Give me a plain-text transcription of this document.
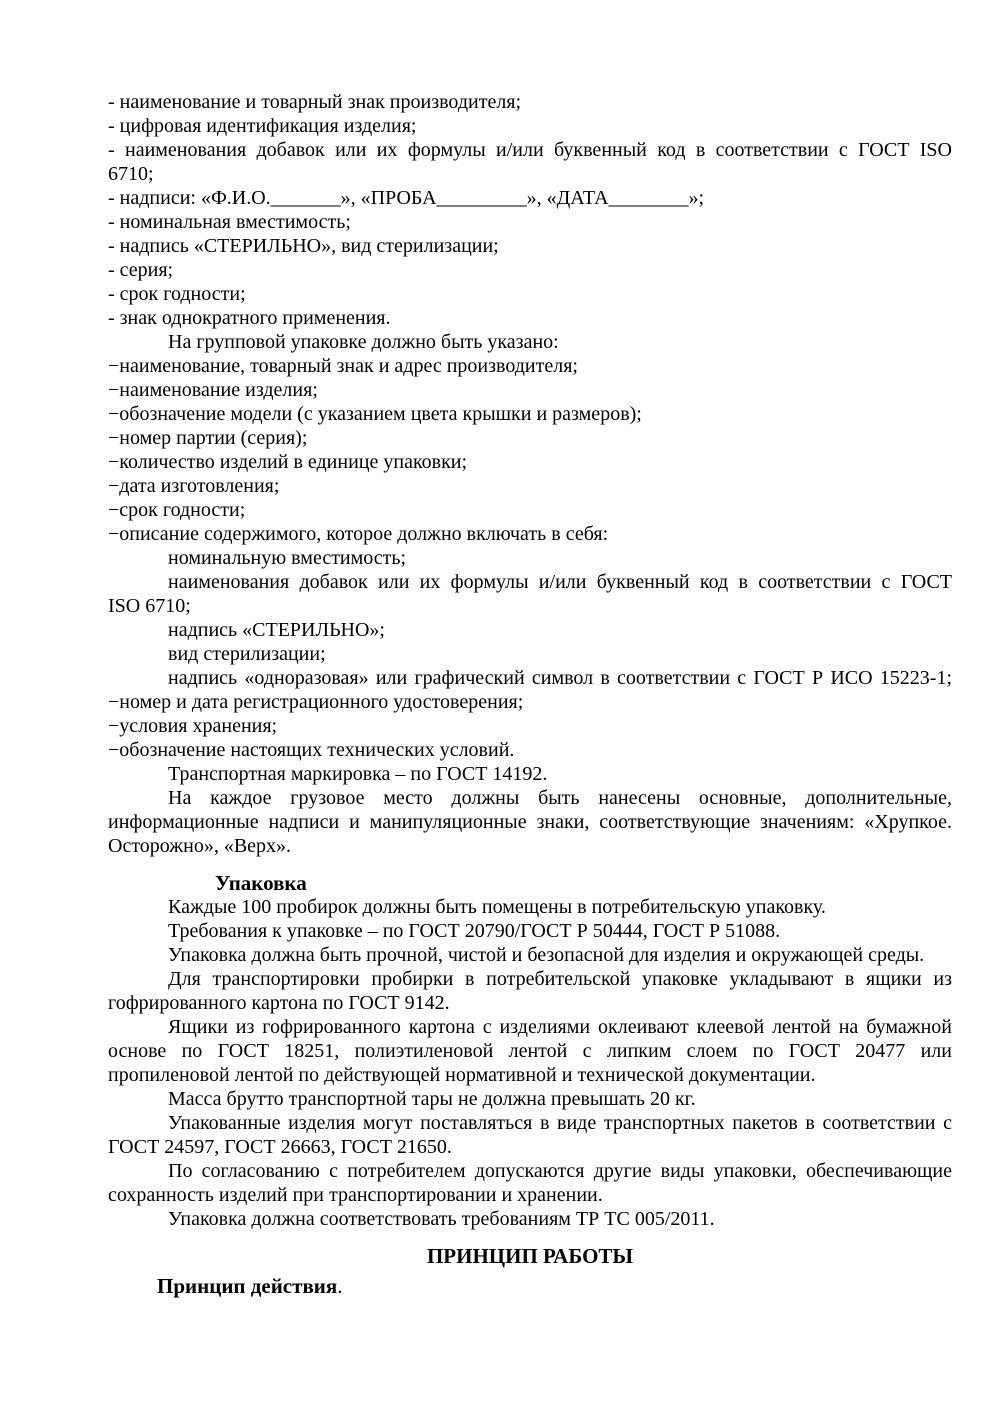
- наименование и товарный знак производителя;
- цифровая идентификация изделия;
- наименования добавок или их формулы и/или буквенный код в соответствии с ГОСТ ISO
6710;
- надписи: «Ф.И.О._______», «ПРОБА_________», «ДАТА________»;
- номинальная вместимость;
- надпись «СТЕРИЛЬНО», вид стерилизации;
- серия;
- срок годности;
- знак однократного применения.
На групповой упаковке должно быть указано:
−наименование, товарный знак и адрес производителя;
−наименование изделия;
−обозначение модели (с указанием цвета крышки и размеров);
−номер партии (серия);
−количество изделий в единице упаковки;
−дата изготовления;
−срок годности;
−описание содержимого, которое должно включать в себя:
номинальную вместимость;
наименования добавок или их формулы и/или буквенный код в соответствии с ГОСТ
ISO 6710;
надпись «СТЕРИЛЬНО»;
вид стерилизации;
надпись «одноразовая» или графический символ в соответствии с ГОСТ Р ИСО 15223-1;
−номер и дата регистрационного удостоверения;
−условия хранения;
−обозначение настоящих технических условий.
Транспортная маркировка – по ГОСТ 14192.
На каждое грузовое место должны быть нанесены основные, дополнительные,
информационные надписи и манипуляционные знаки, соответствующие значениям: «Хрупкое.
Осторожно», «Верх».
Упаковка
Каждые 100 пробирок должны быть помещены в потребительскую упаковку.
Требования к упаковке – по ГОСТ 20790/ГОСТ Р 50444, ГОСТ Р 51088.
Упаковка должна быть прочной, чистой и безопасной для изделия и окружающей среды.
Для транспортировки пробирки в потребительской упаковке укладывают в ящики из
гофрированного картона по ГОСТ 9142.
Ящики из гофрированного картона с изделиями оклеивают клеевой лентой на бумажной
основе по ГОСТ 18251, полиэтиленовой лентой с липким слоем по ГОСТ 20477 или
пропиленовой лентой по действующей нормативной и технической документации.
Масса брутто транспортной тары не должна превышать 20 кг.
Упакованные изделия могут поставляться в виде транспортных пакетов в соответствии с
ГОСТ 24597, ГОСТ 26663, ГОСТ 21650.
По согласованию с потребителем допускаются другие виды упаковки, обеспечивающие
сохранность изделий при транспортировании и хранении.
Упаковка должна соответствовать требованиям ТР ТС 005/2011.
ПРИНЦИП РАБОТЫ
Принцип действия.
